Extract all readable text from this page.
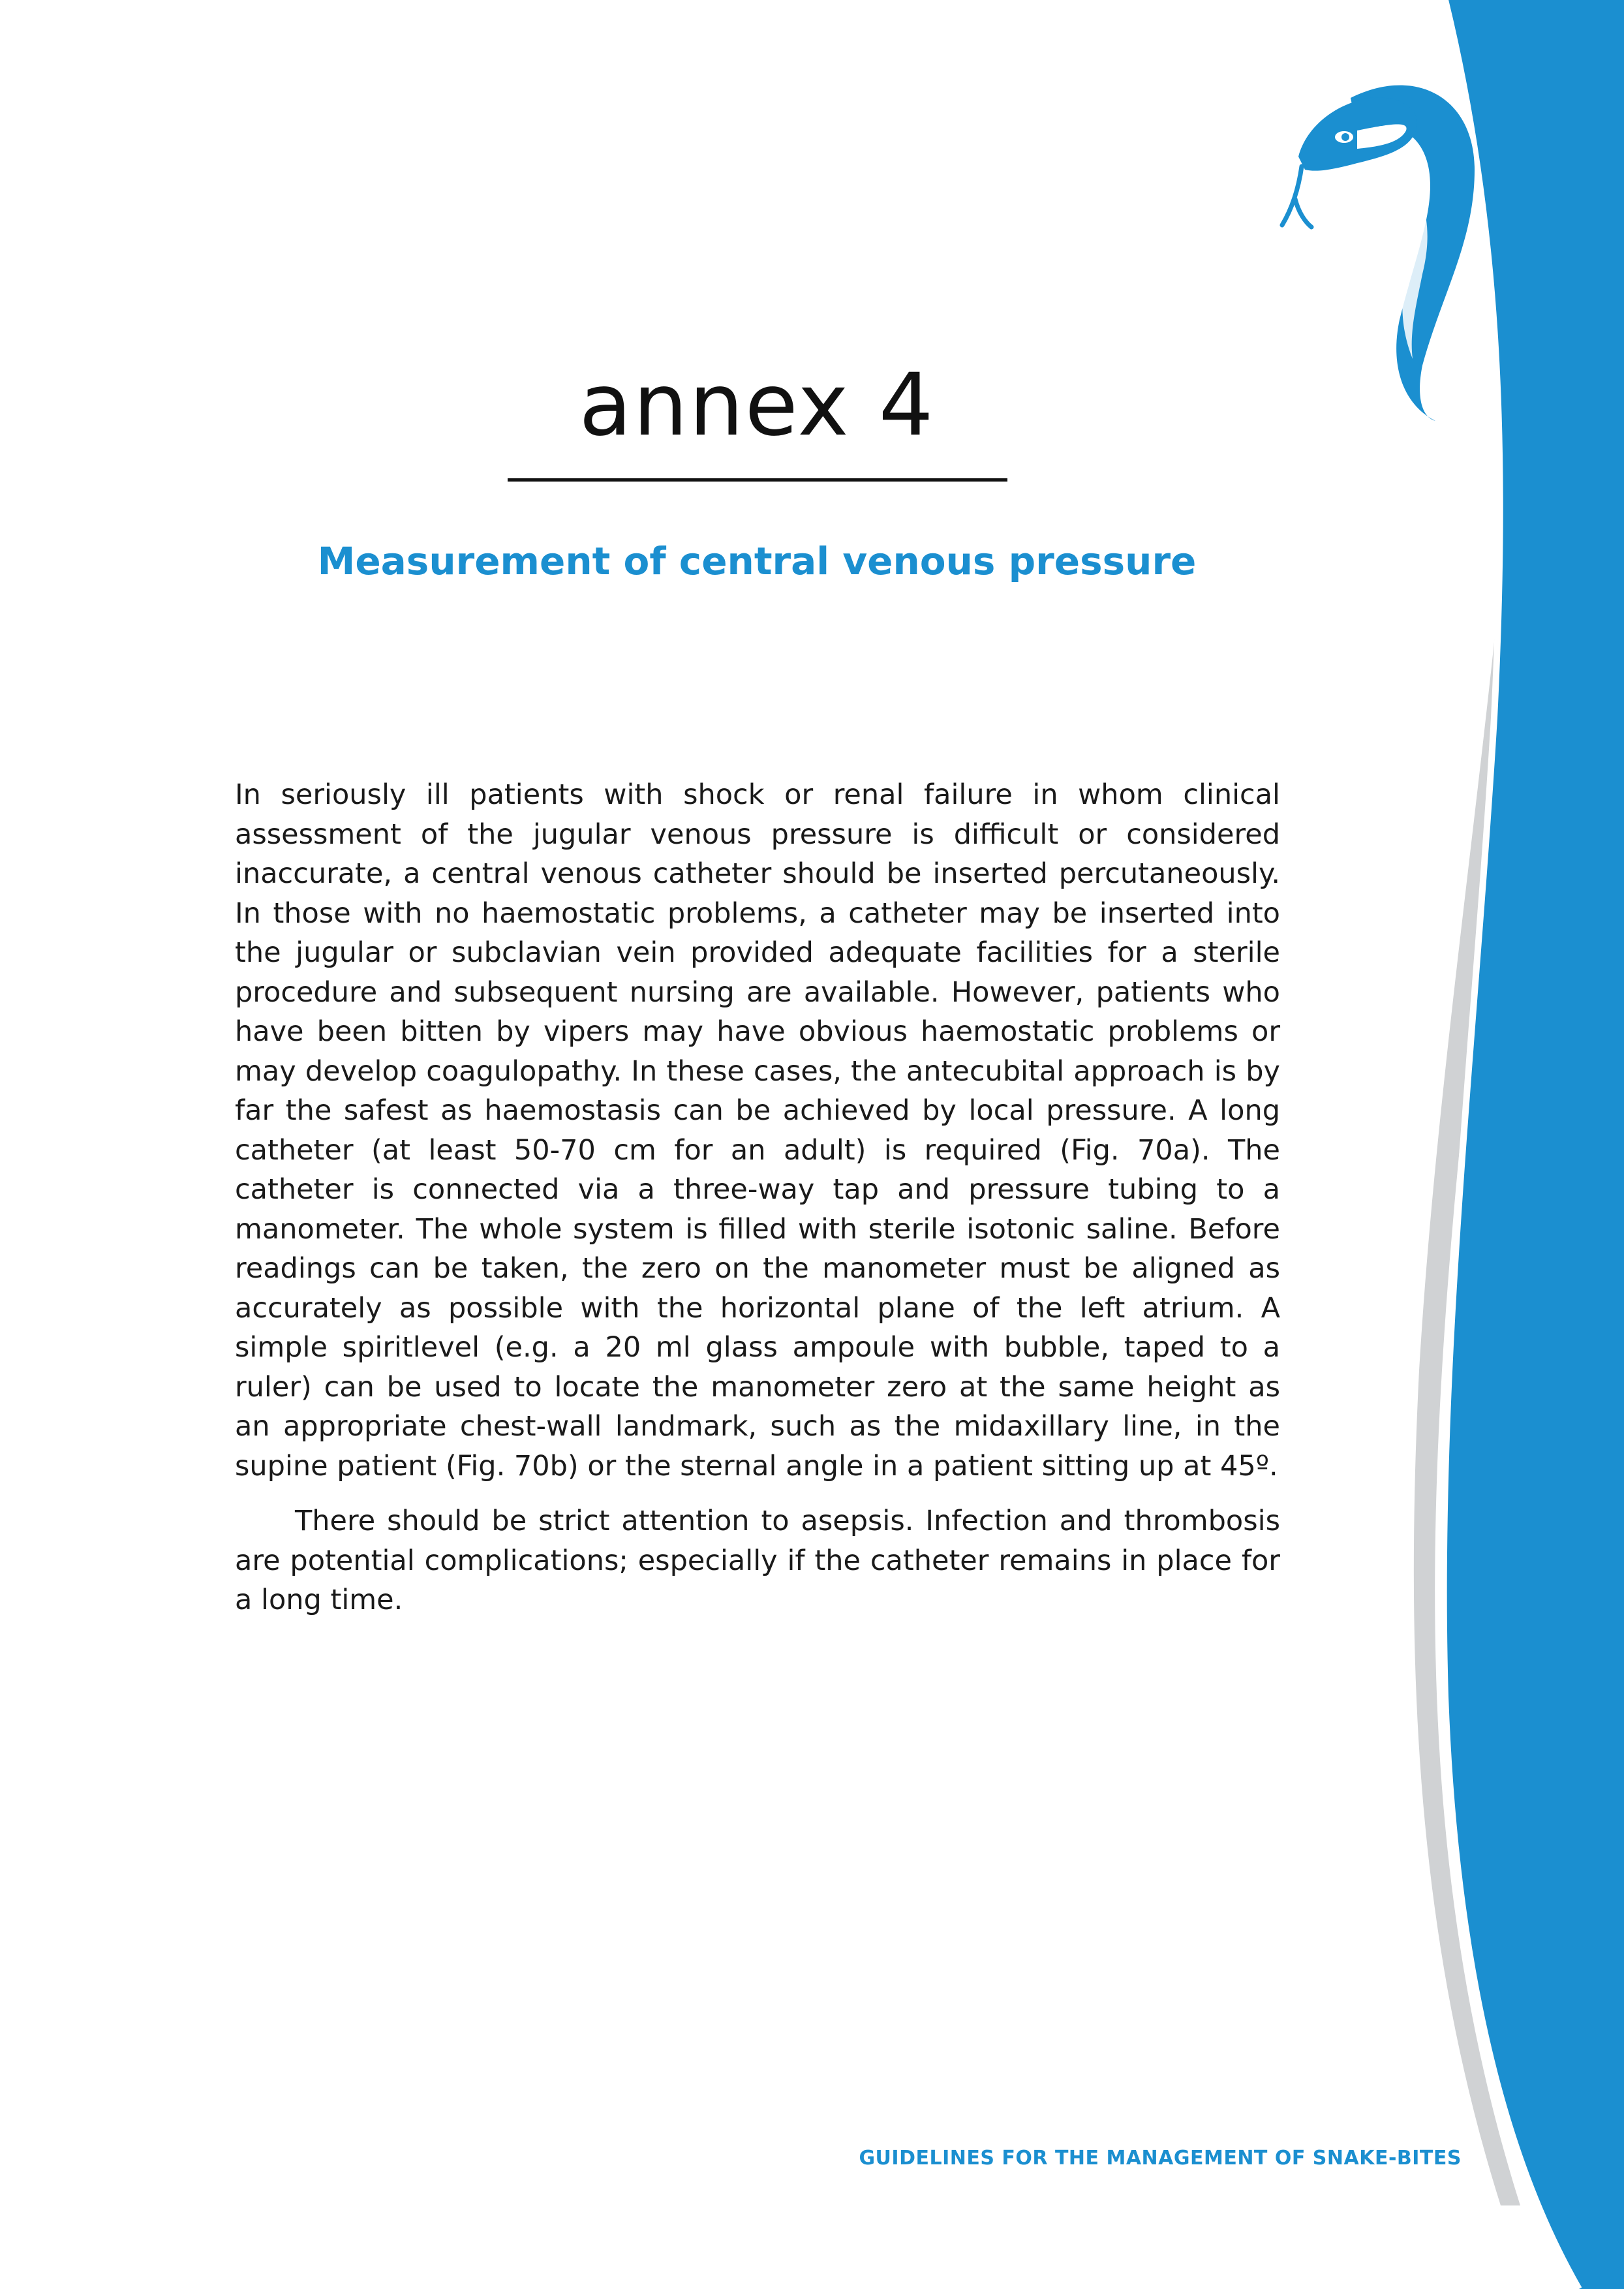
annex 4
Measurement of central venous pressure

In seriously ill patients with shock or renal failure in whom clinical assessment of the jugular venous pressure is difficult or considered inaccurate, a central venous catheter should be inserted percutaneously. In those with no haemostatic problems, a catheter may be inserted into the jugular or subclavian vein provided adequate facilities for a sterile procedure and subsequent nursing are available. However, patients who have been bitten by vipers may have obvious haemostatic problems or may develop coagulopathy. In these cases, the antecubital approach is by far the safest as haemostasis can be achieved by local pressure. A long catheter (at least 50-70 cm for an adult) is required (Fig. 70a). The catheter is connected via a three-way tap and pressure tubing to a manometer. The whole system is filled with sterile isotonic saline. Before readings can be taken, the zero on the manometer must be aligned as accurately as possible with the horizontal plane of the left atrium. A simple spiritlevel (e.g. a 20 ml glass ampoule with bubble, taped to a ruler) can be used to locate the manometer zero at the same height as an appropriate chest-wall landmark, such as the midaxillary line, in the supine patient (Fig. 70b) or the sternal angle in a patient sitting up at 45º.

There should be strict attention to asepsis. Infection and thrombosis are potential complications; especially if the catheter remains in place for a long time.

GUIDELINES FOR THE MANAGEMENT OF SNAKE-BITES
